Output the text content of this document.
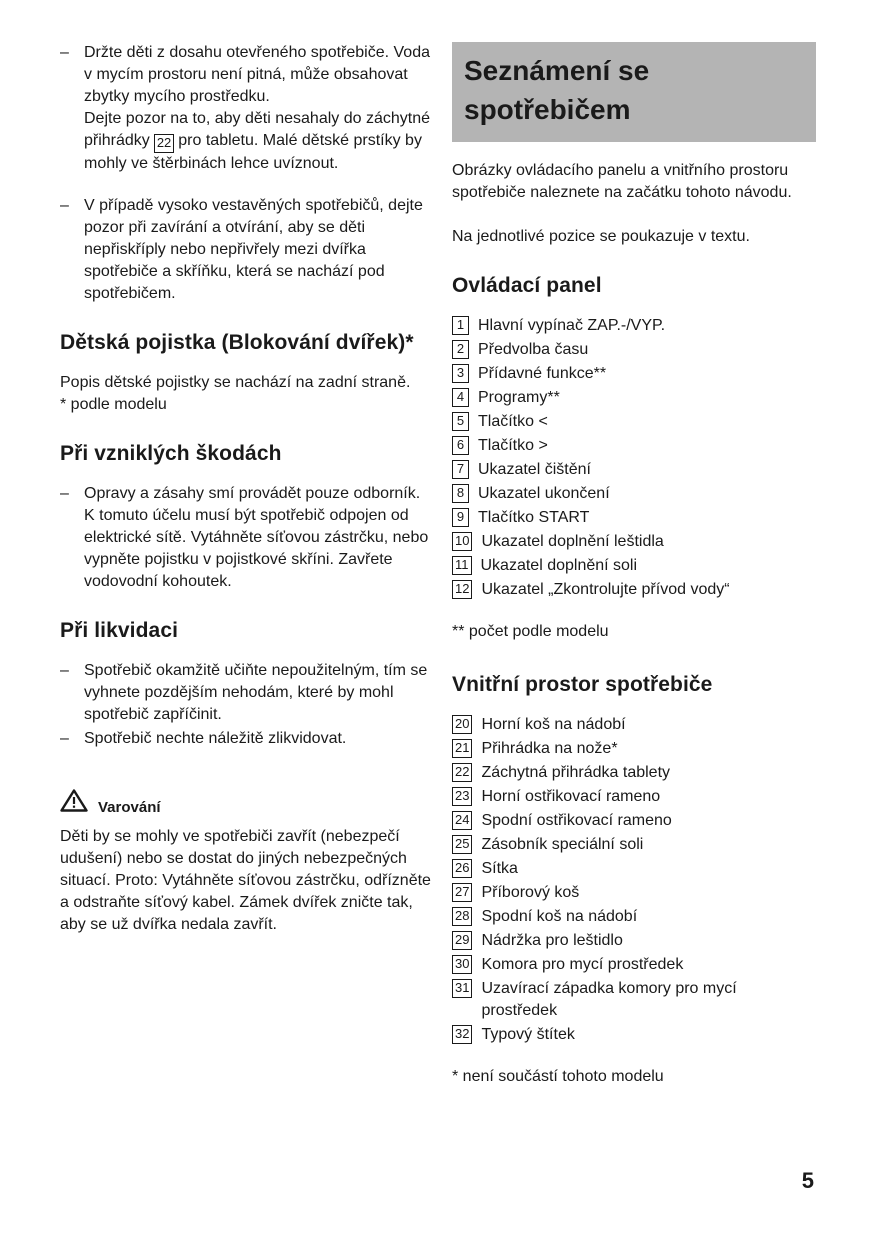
– Držte děti z dosahu otevřeného spotřebiče. Voda v mycím prostoru není pitná, může obsahovat zbytky mycího prostředku.

Dejte pozor na to, aby děti nesahaly do záchytné přihrádky 22 pro tabletu. Malé dětské prstíky by mohly ve štěrbinách lehce uvíznout.

– V případě vysoko vestavěných spotřebičů, dejte pozor při zavírání a otvírání, aby se děti nepřiskříply nebo nepřivřely mezi dvířka spotřebiče a skříňku, která se nachází pod spotřebičem.

Dětská pojistka (Blokování dvířek)*

Popis dětské pojistky se nachází na zadní straně.

* podle modelu

Při vzniklých škodách
– Opravy a zásahy smí provádět pouze odborník. K tomuto účelu musí být spotřebič odpojen od elektrické sítě. Vytáhněte síťovou zástrčku, nebo vypněte pojistku v pojistkové skříni. Zavřete vodovodní kohoutek.

Při likvidaci
– Spotřebič okamžitě učiňte nepoužitelným, tím se vyhnete pozdějším nehodám, které by mohl spotřebič zapříčinit.

– Spotřebič nechte náležitě zlikvidovat.

Varování

Děti by se mohly ve spotřebiči zavřít (nebezpečí udušení) nebo se dostat do jiných nebezpečných situací. Proto: Vytáhněte síťovou zástrčku, odřízněte a odstraňte síťový kabel. Zámek dvířek zničte tak, aby se už dvířka nedala zavřít.

Seznámení se spotřebičem

Obrázky ovládacího panelu a vnitřního prostoru spotřebiče naleznete na začátku tohoto návodu.

Na jednotlivé pozice se poukazuje v textu.

Ovládací panel
1 Hlavní vypínač ZAP.-/VYP.
2 Předvolba času
3 Přídavné funkce**
4 Programy**
5 Tlačítko <
6 Tlačítko >
7 Ukazatel čištění
8 Ukazatel ukončení
9 Tlačítko START
10 Ukazatel doplnění leštidla
11 Ukazatel doplnění soli
12 Ukazatel „Zkontrolujte přívod vody“

** počet podle modelu

Vnitřní prostor spotřebiče
20 Horní koš na nádobí
21 Přihrádka na nože*
22 Záchytná přihrádka tablety
23 Horní ostřikovací rameno
24 Spodní ostřikovací rameno
25 Zásobník speciální soli
26 Sítka
27 Příborový koš
28 Spodní koš na nádobí
29 Nádržka pro leštidlo
30 Komora pro mycí prostředek
31 Uzavírací západka komory pro mycí prostředek
32 Typový štítek

* není součástí tohoto modelu

5
